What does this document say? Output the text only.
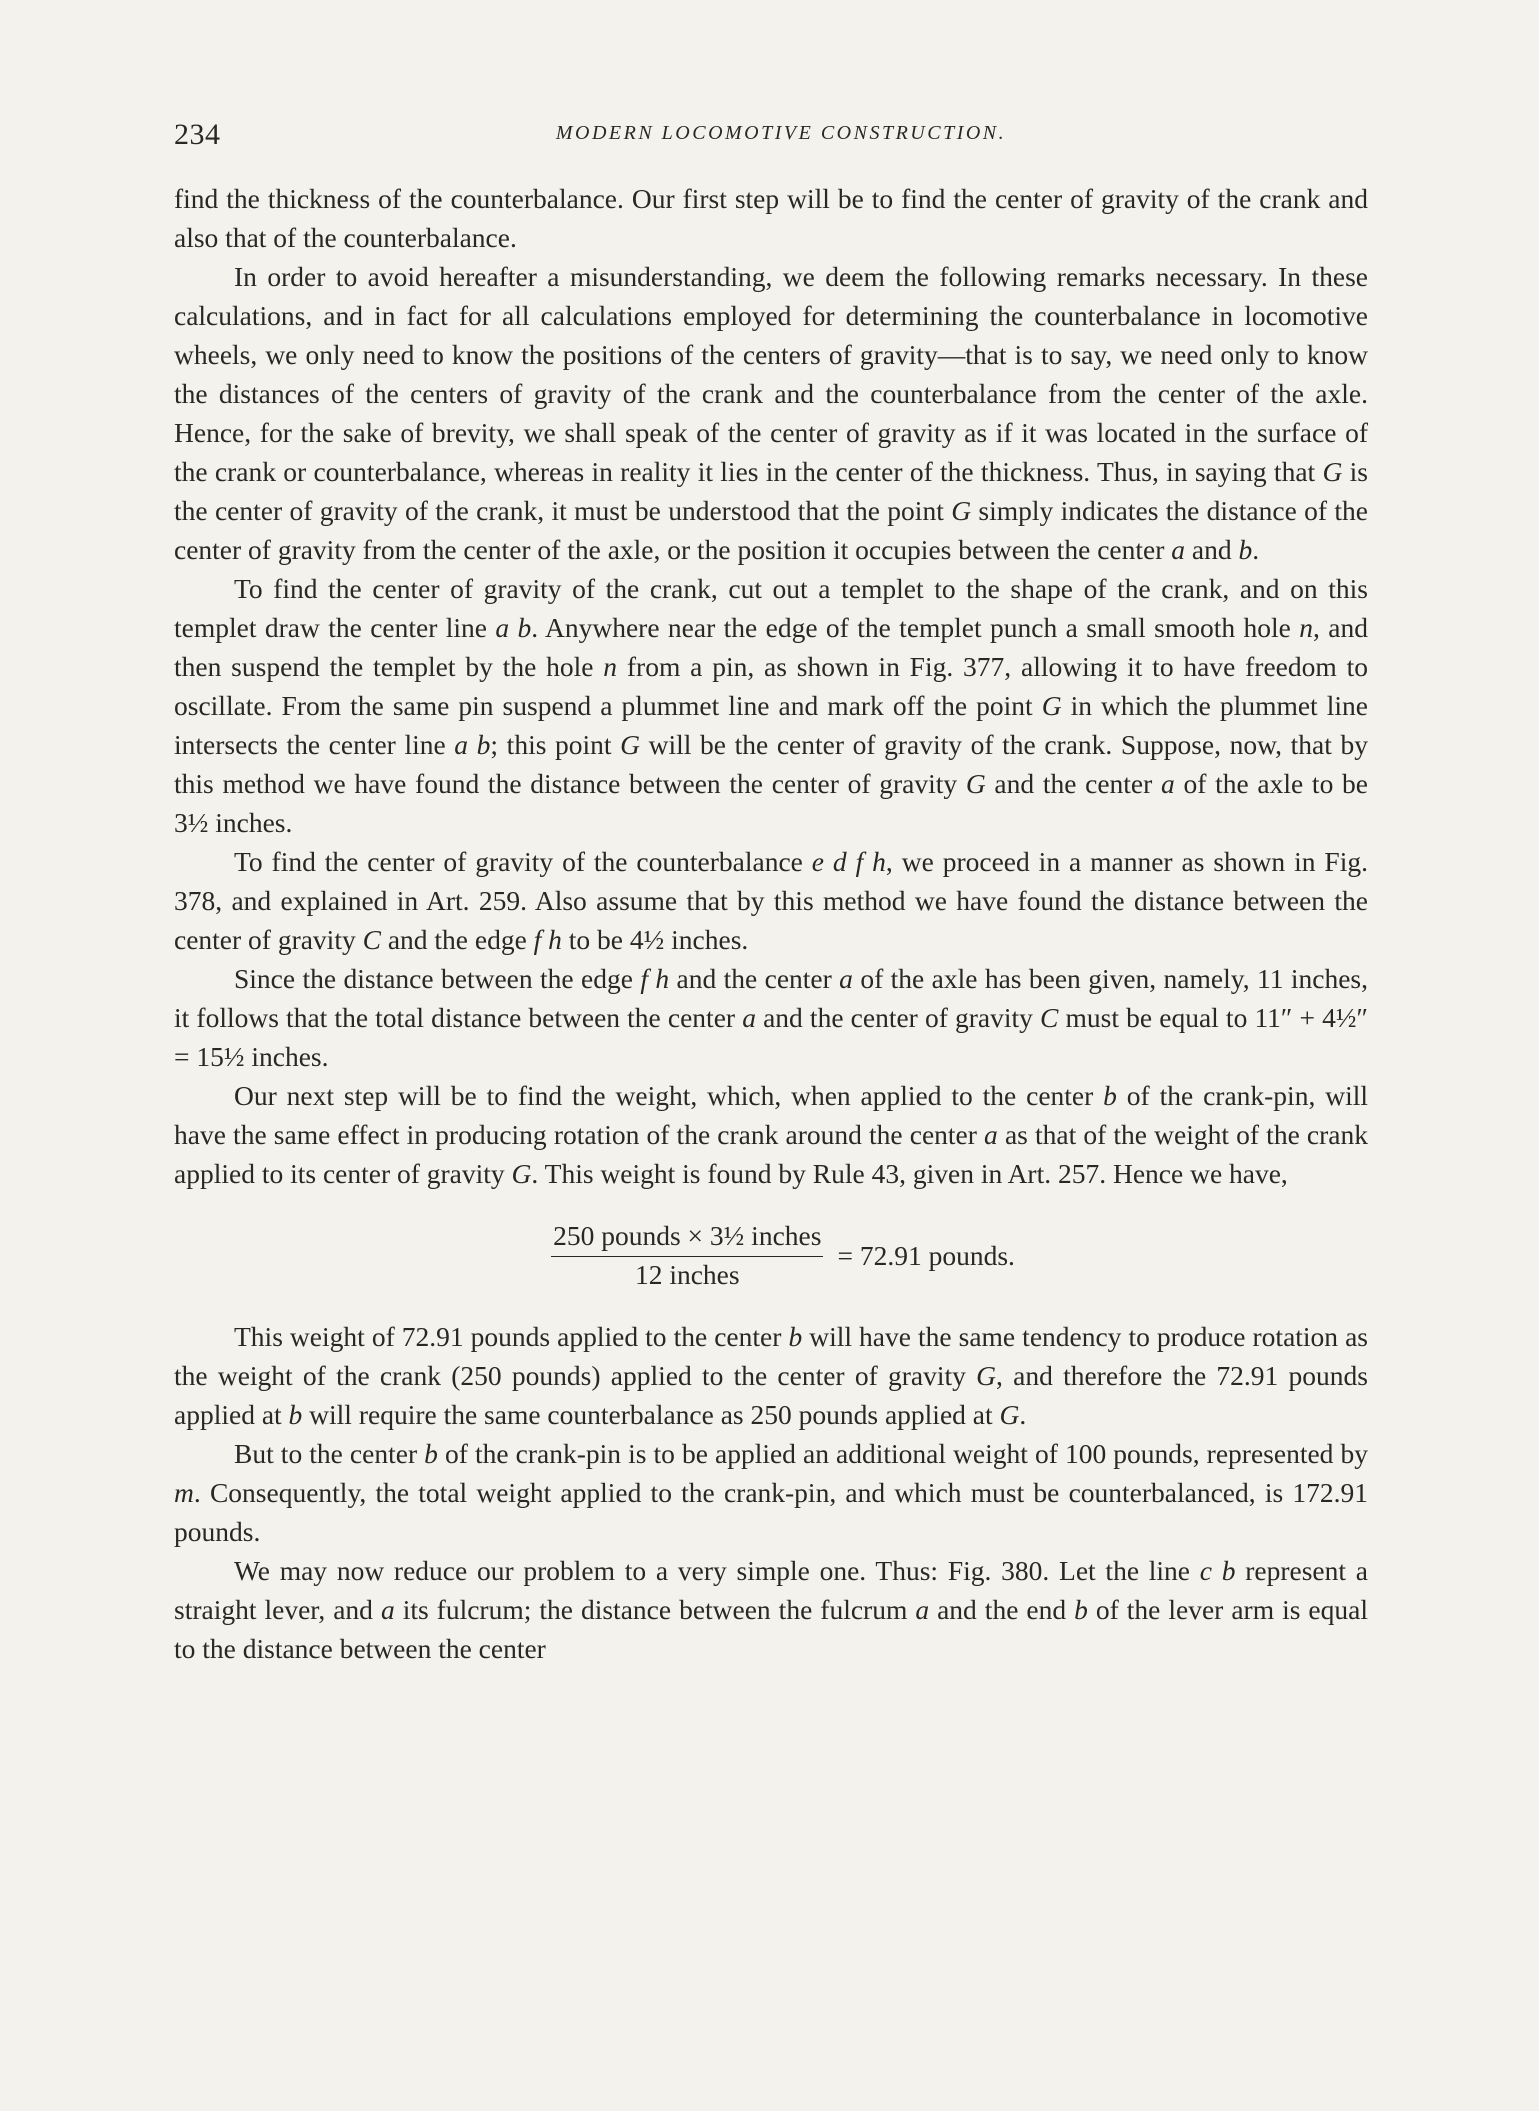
234	MODERN LOCOMOTIVE CONSTRUCTION.

find the thickness of the counterbalance. Our first step will be to find the center of gravity of the crank and also that of the counterbalance.

In order to avoid hereafter a misunderstanding, we deem the following remarks necessary. In these calculations, and in fact for all calculations employed for determining the counterbalance in locomotive wheels, we only need to know the positions of the centers of gravity—that is to say, we need only to know the distances of the centers of gravity of the crank and the counterbalance from the center of the axle. Hence, for the sake of brevity, we shall speak of the center of gravity as if it was located in the surface of the crank or counterbalance, whereas in reality it lies in the center of the thickness. Thus, in saying that G is the center of gravity of the crank, it must be understood that the point G simply indicates the distance of the center of gravity from the center of the axle, or the position it occupies between the center a and b.

To find the center of gravity of the crank, cut out a templet to the shape of the crank, and on this templet draw the center line a b. Anywhere near the edge of the templet punch a small smooth hole n, and then suspend the templet by the hole n from a pin, as shown in Fig. 377, allowing it to have freedom to oscillate. From the same pin suspend a plummet line and mark off the point G in which the plummet line intersects the center line a b; this point G will be the center of gravity of the crank. Suppose, now, that by this method we have found the distance between the center of gravity G and the center a of the axle to be 3½ inches.

To find the center of gravity of the counterbalance e d f h, we proceed in a manner as shown in Fig. 378, and explained in Art. 259. Also assume that by this method we have found the distance between the center of gravity C and the edge f h to be 4½ inches.

Since the distance between the edge f h and the center a of the axle has been given, namely, 11 inches, it follows that the total distance between the center a and the center of gravity C must be equal to 11″ + 4½″ = 15½ inches.

Our next step will be to find the weight, which, when applied to the center b of the crank-pin, will have the same effect in producing rotation of the crank around the center a as that of the weight of the crank applied to its center of gravity G. This weight is found by Rule 43, given in Art. 257. Hence we have,

$\frac{\text{250 pounds × 3½ inches}}{\text{12 inches}} = 72.91$ pounds.

This weight of 72.91 pounds applied to the center b will have the same tendency to produce rotation as the weight of the crank (250 pounds) applied to the center of gravity G, and therefore the 72.91 pounds applied at b will require the same counterbalance as 250 pounds applied at G.

But to the center b of the crank-pin is to be applied an additional weight of 100 pounds, represented by m. Consequently, the total weight applied to the crank-pin, and which must be counterbalanced, is 172.91 pounds.

We may now reduce our problem to a very simple one. Thus: Fig. 380. Let the line c b represent a straight lever, and a its fulcrum; the distance between the fulcrum a and the end b of the lever arm is equal to the distance between the center
